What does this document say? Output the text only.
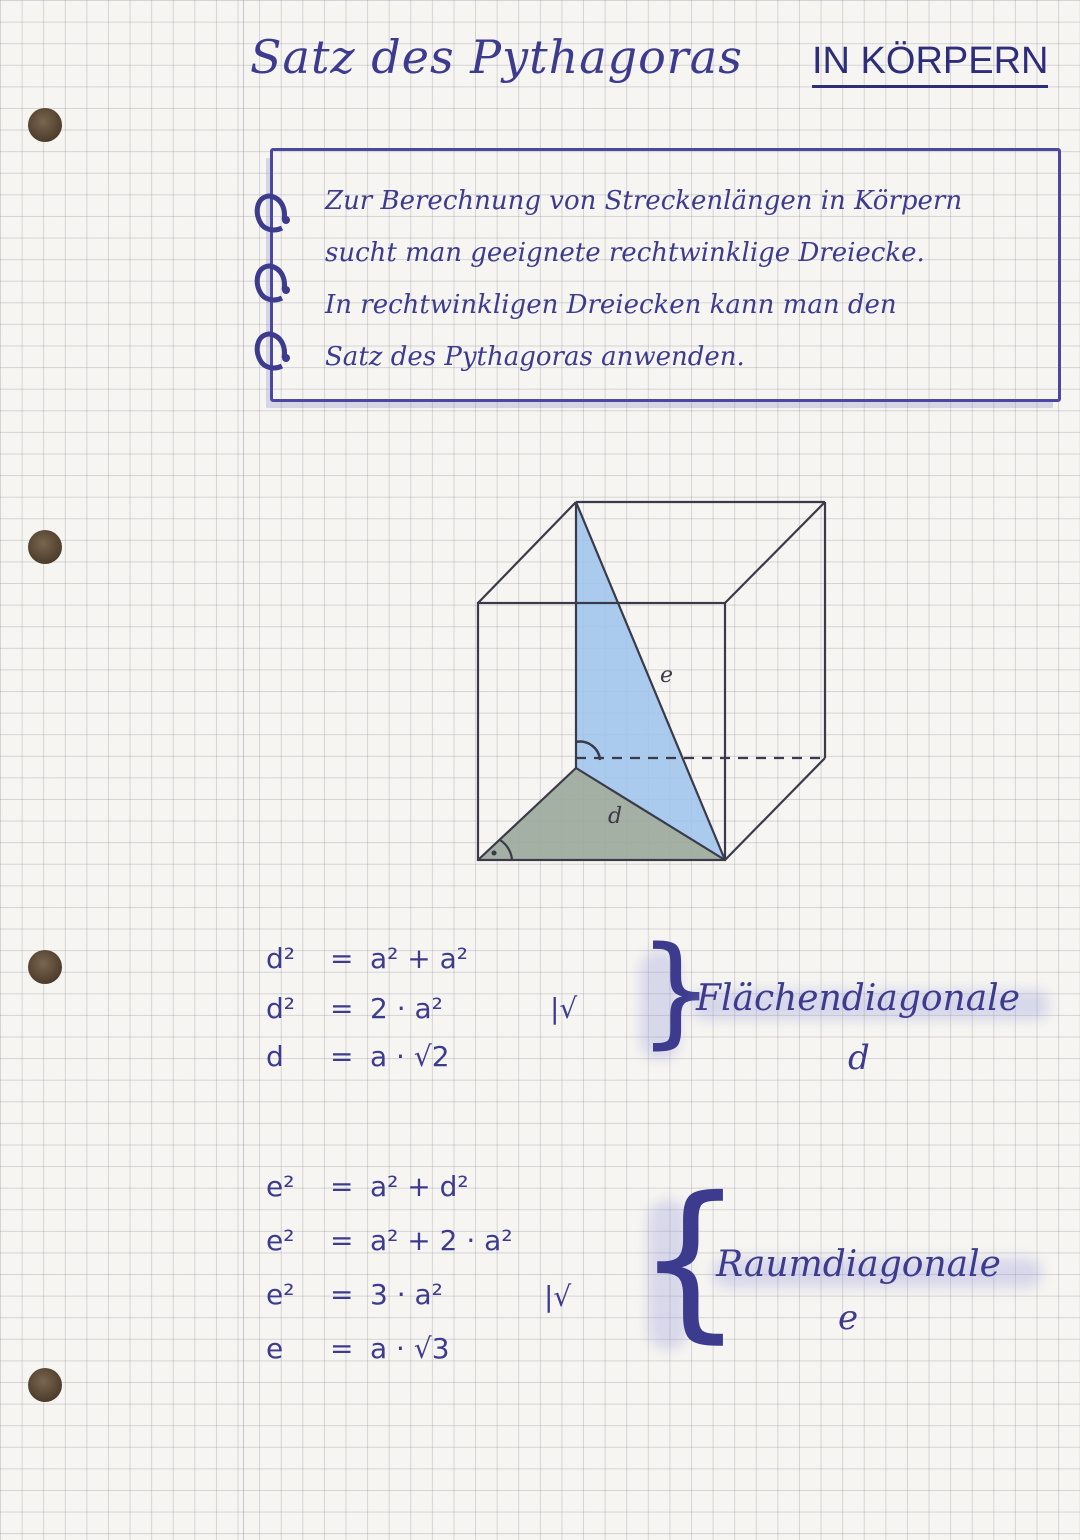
Satz des Pythagoras IN KÖRPERN
Zur Berechnung von Streckenlängen in Körpern
sucht man geeignete rechtwinklige Dreiecke.
In rechtwinkligen Dreiecken kann man den
Satz des Pythagoras anwenden.
e
d
d² = a² + a²
d² = 2 · a²
d = a · √2
|√ }
Flächendiagonale
d
e² = a² + d²
e² = a² + 2 · a²
e² = 3 · a²
e = a · √3
|√ {
Raumdiagonale
e
